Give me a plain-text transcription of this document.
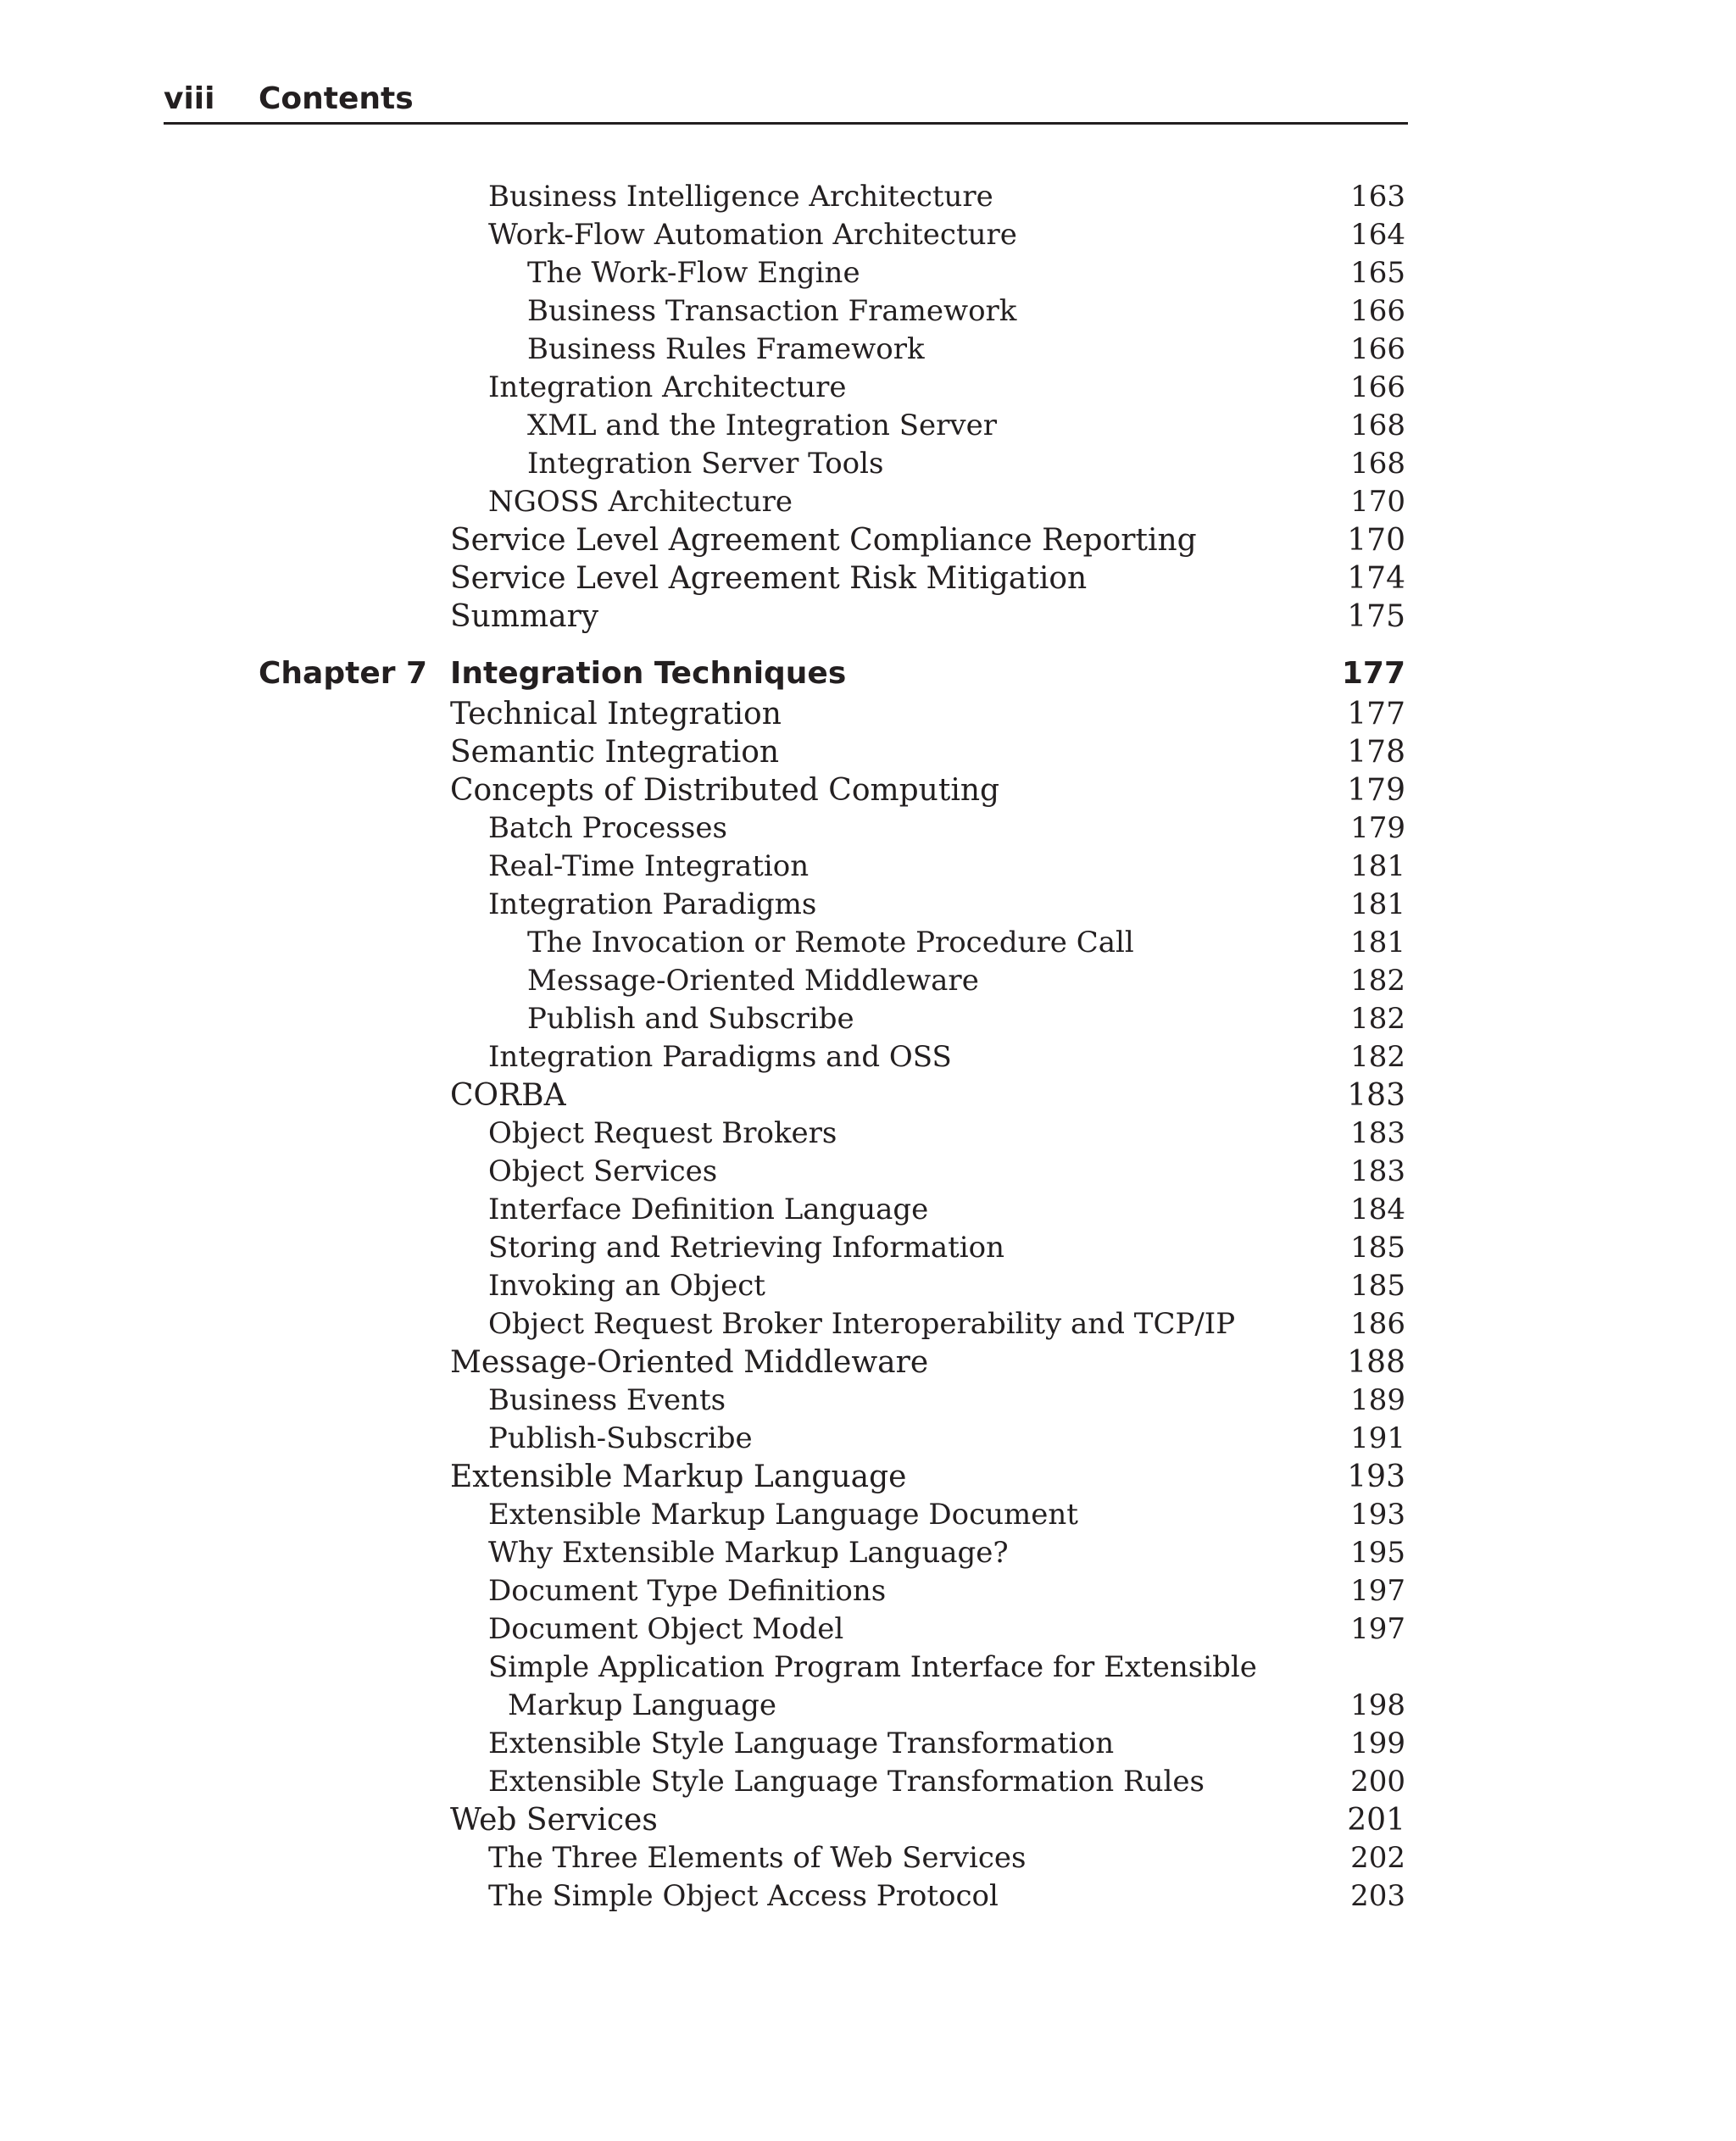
viii Contents
Business Intelligence Architecture	163
Work-Flow Automation Architecture	164
The Work-Flow Engine	165
Business Transaction Framework	166
Business Rules Framework	166
Integration Architecture	166
XML and the Integration Server	168
Integration Server Tools	168
NGOSS Architecture	170
Service Level Agreement Compliance Reporting	170
Service Level Agreement Risk Mitigation	174
Summary	175
Chapter 7 Integration Techniques	177
Technical Integration	177
Semantic Integration	178
Concepts of Distributed Computing	179
Batch Processes	179
Real-Time Integration	181
Integration Paradigms	181
The Invocation or Remote Procedure Call	181
Message-Oriented Middleware	182
Publish and Subscribe	182
Integration Paradigms and OSS	182
CORBA	183
Object Request Brokers	183
Object Services	183
Interface Definition Language	184
Storing and Retrieving Information	185
Invoking an Object	185
Object Request Broker Interoperability and TCP/IP	186
Message-Oriented Middleware	188
Business Events	189
Publish-Subscribe	191
Extensible Markup Language	193
Extensible Markup Language Document	193
Why Extensible Markup Language?	195
Document Type Definitions	197
Document Object Model	197
Simple Application Program Interface for Extensible
Markup Language	198
Extensible Style Language Transformation	199
Extensible Style Language Transformation Rules	200
Web Services	201
The Three Elements of Web Services	202
The Simple Object Access Protocol	203
